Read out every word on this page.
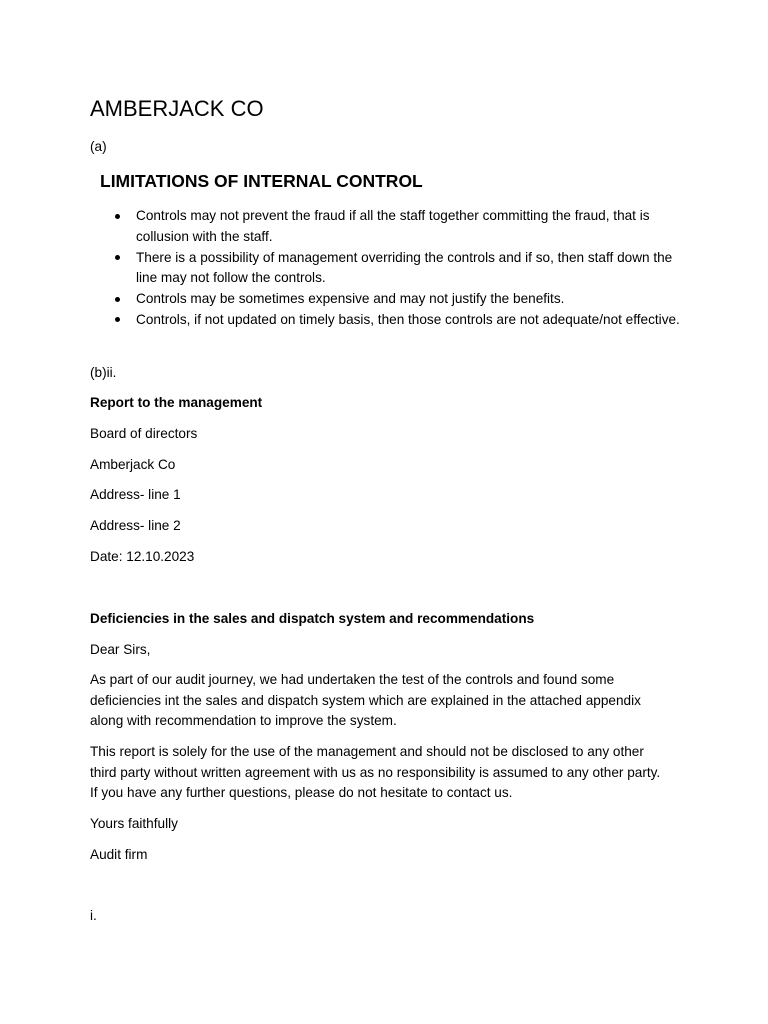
AMBERJACK CO
(a)
LIMITATIONS OF INTERNAL CONTROL
Controls may not prevent the fraud if all the staff together committing the fraud, that is collusion with the staff.
There is a possibility of management overriding the controls and if so, then staff down the line may not follow the controls.
Controls may be sometimes expensive and may not justify the benefits.
Controls, if not updated on timely basis, then those controls are not adequate/not effective.
(b)ii.
Report to the management
Board of directors
Amberjack Co
Address- line 1
Address- line 2
Date: 12.10.2023
Deficiencies in the sales and dispatch system and recommendations
Dear Sirs,
As part of our audit journey, we had undertaken the test of the controls and found some deficiencies int the sales and dispatch system which are explained in the attached appendix along with recommendation to improve the system.
This report is solely for the use of the management and should not be disclosed to any other third party without written agreement with us as no responsibility is assumed to any other party. If you have any further questions, please do not hesitate to contact us.
Yours faithfully
Audit firm
i.
